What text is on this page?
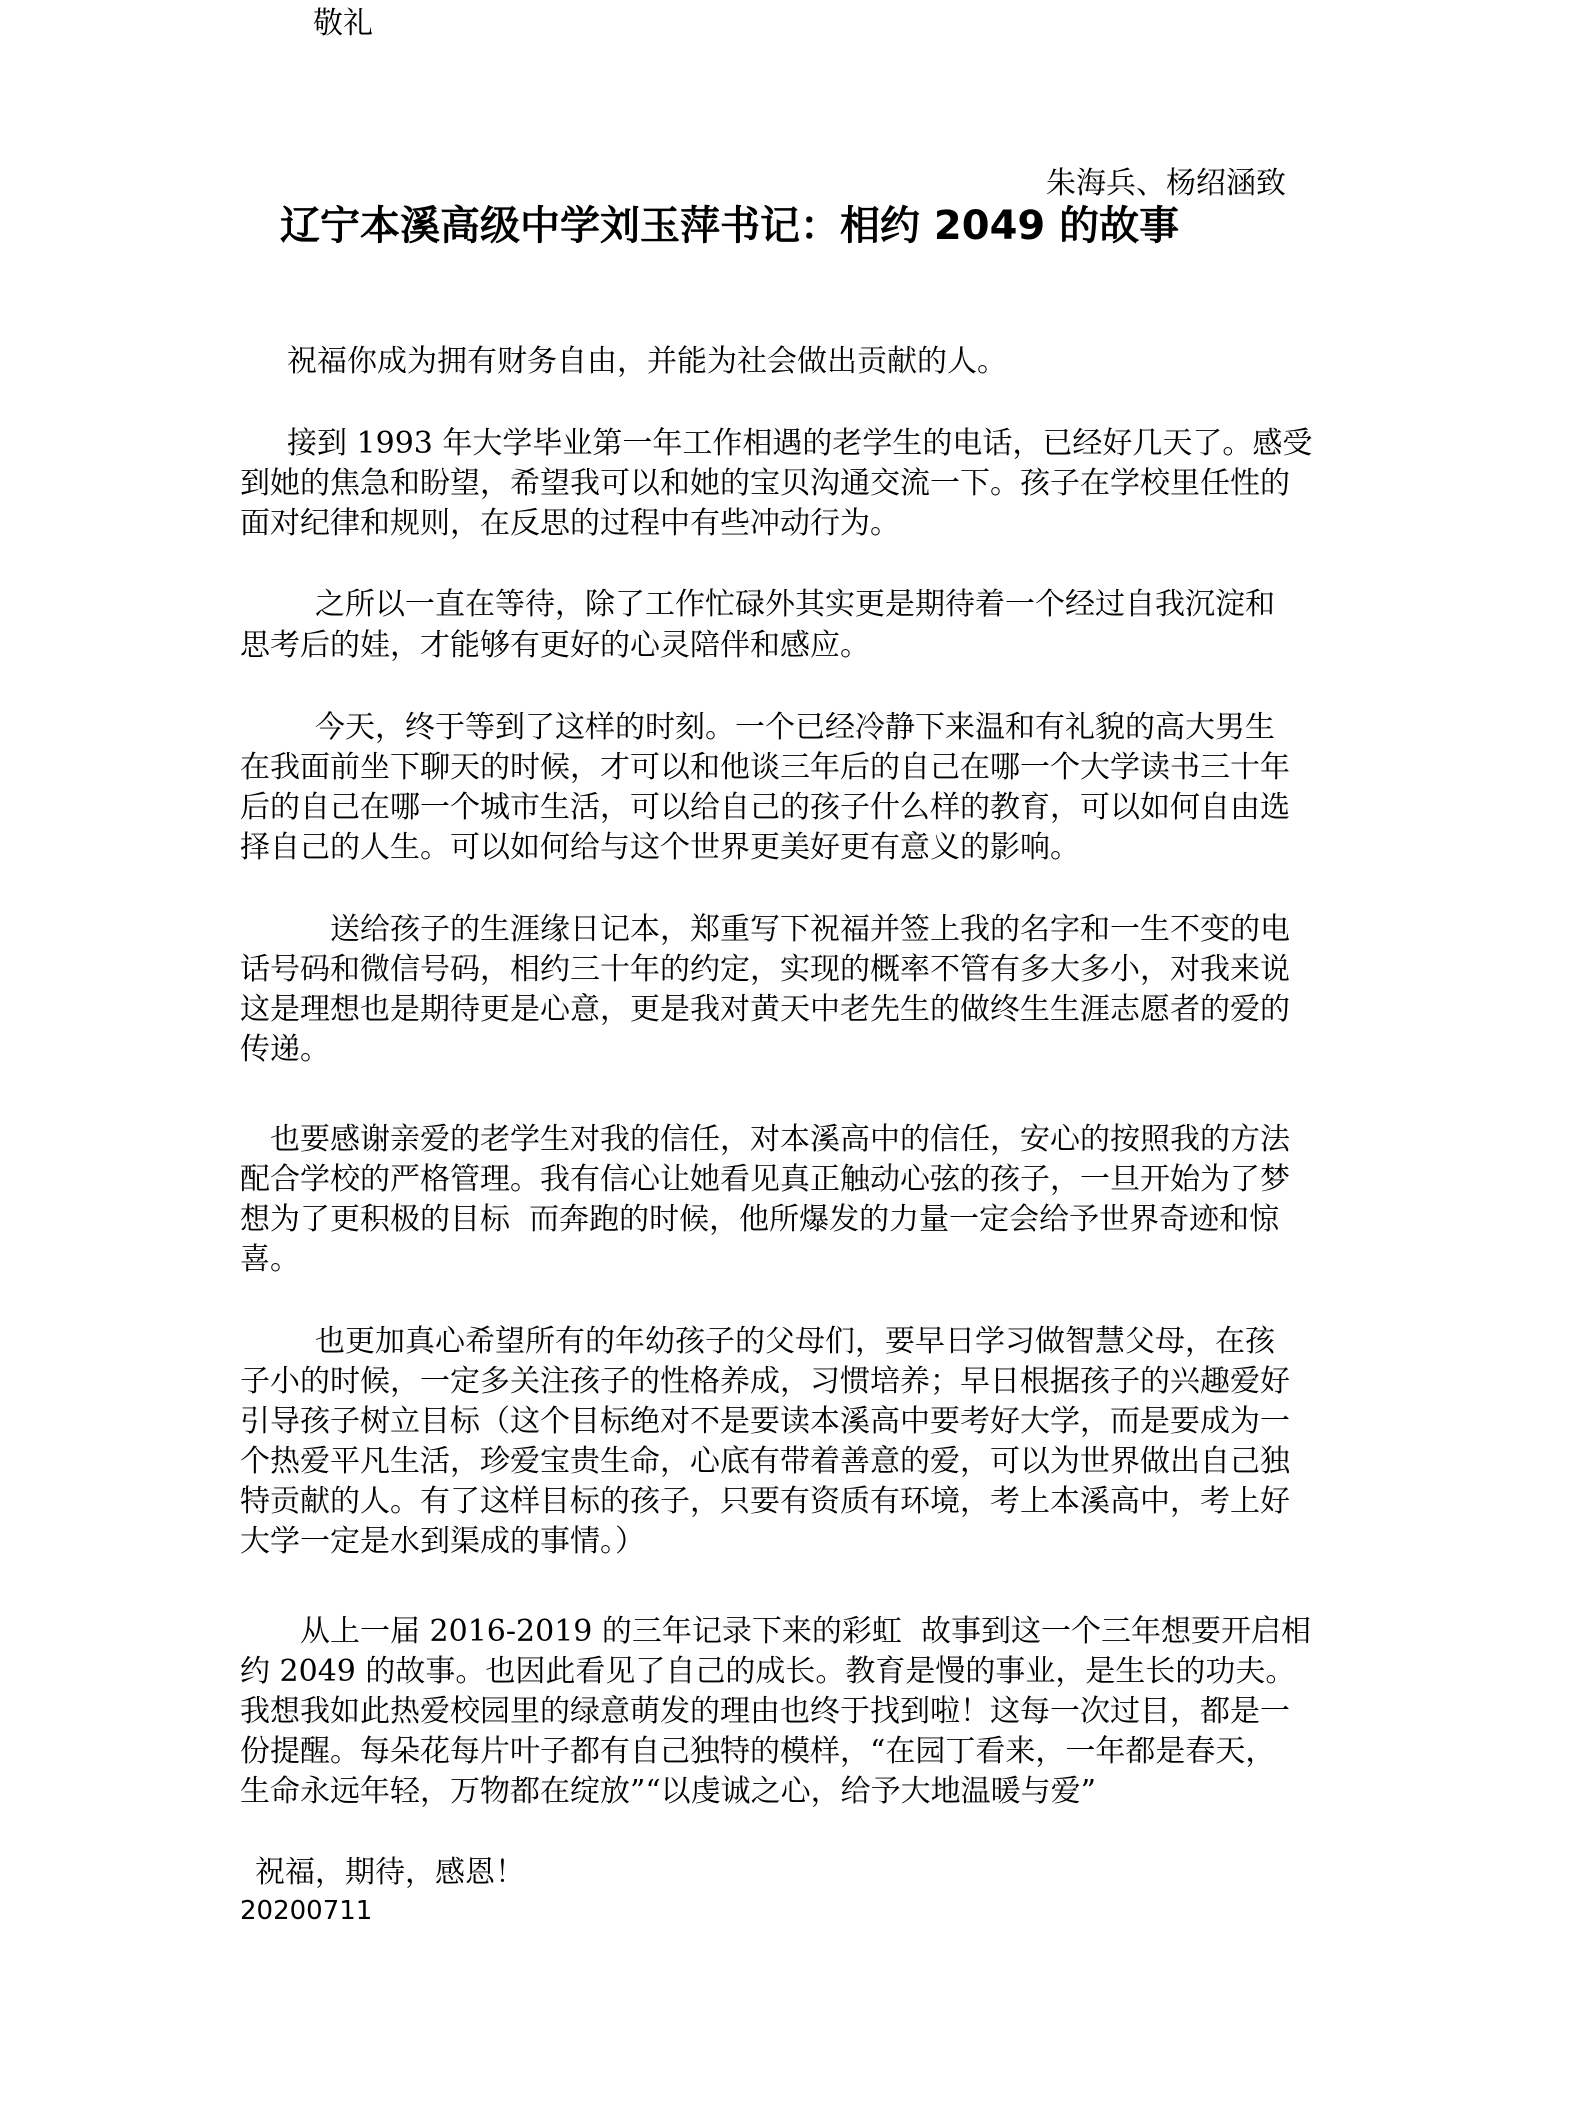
敬礼
朱海兵、杨绍涵致
辽宁本溪高级中学刘玉萍书记：相约 2049 的故事
祝福你成为拥有财务自由，并能为社会做出贡献的人。
接到 1993 年大学毕业第一年工作相遇的老学生的电话，已经好几天了。感受
到她的焦急和盼望，希望我可以和她的宝贝沟通交流一下。孩子在学校里任性的
面对纪律和规则，在反思的过程中有些冲动行为。
之所以一直在等待，除了工作忙碌外其实更是期待着一个经过自我沉淀和
思考后的娃，才能够有更好的心灵陪伴和感应。
今天，终于等到了这样的时刻。一个已经冷静下来温和有礼貌的高大男生
在我面前坐下聊天的时候，才可以和他谈三年后的自己在哪一个大学读书三十年
后的自己在哪一个城市生活，可以给自己的孩子什么样的教育，可以如何自由选
择自己的人生。可以如何给与这个世界更美好更有意义的影响。
送给孩子的生涯缘日记本，郑重写下祝福并签上我的名字和一生不变的电
话号码和微信号码，相约三十年的约定，实现的概率不管有多大多小，对我来说
这是理想也是期待更是心意，更是我对黄天中老先生的做终生生涯志愿者的爱的
传递。
也要感谢亲爱的老学生对我的信任，对本溪高中的信任，安心的按照我的方法
配合学校的严格管理。我有信心让她看见真正触动心弦的孩子，一旦开始为了梦
想为了更积极的目标  而奔跑的时候，他所爆发的力量一定会给予世界奇迹和惊
喜。
也更加真心希望所有的年幼孩子的父母们，要早日学习做智慧父母，在孩
子小的时候，一定多关注孩子的性格养成，习惯培养；早日根据孩子的兴趣爱好
引导孩子树立目标（这个目标绝对不是要读本溪高中要考好大学，而是要成为一
个热爱平凡生活，珍爱宝贵生命，心底有带着善意的爱，可以为世界做出自己独
特贡献的人。有了这样目标的孩子，只要有资质有环境，考上本溪高中，考上好
大学一定是水到渠成的事情。）
从上一届 2016-2019 的三年记录下来的彩虹  故事到这一个三年想要开启相
约 2049 的故事。也因此看见了自己的成长。教育是慢的事业，是生长的功夫。
我想我如此热爱校园里的绿意萌发的理由也终于找到啦！这每一次过目，都是一
份提醒。每朵花每片叶子都有自己独特的模样，“在园丁看来，一年都是春天，
生命永远年轻，万物都在绽放”“以虔诚之心，给予大地温暖与爱”
祝福，期待，感恩！
20200711
